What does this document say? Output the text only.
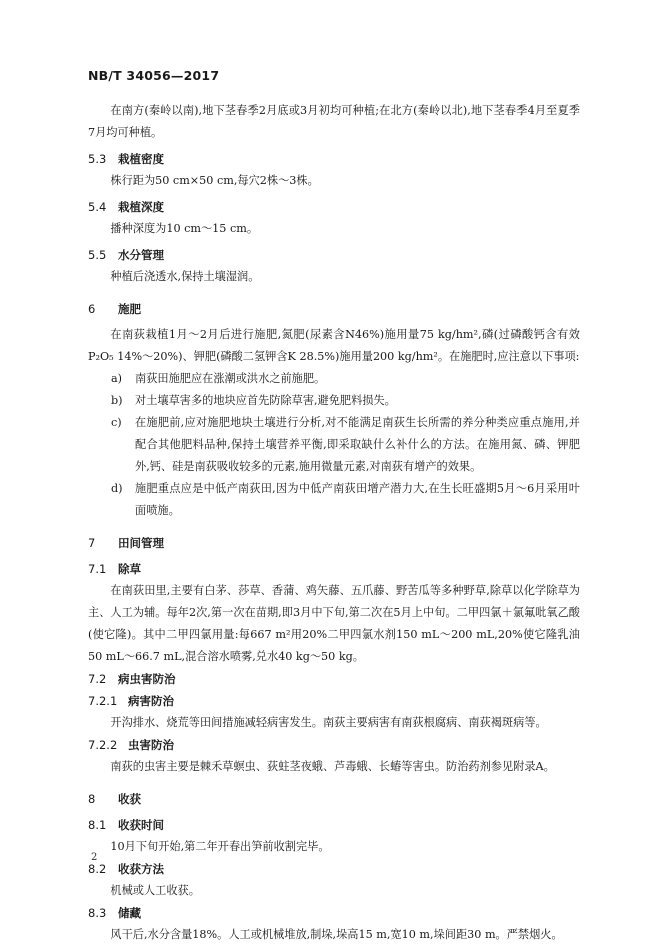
NB/T 34056—2017

在南方(秦岭以南),地下茎春季2月底或3月初均可种植;在北方(秦岭以北),地下茎春季4月至夏季7月均可种植。

5.3 栽植密度

株行距为50 cm×50 cm,每穴2株～3株。

5.4 栽植深度

播种深度为10 cm～15 cm。

5.5 水分管理

种植后浇透水,保持土壤湿润。

6 施肥

在南荻栽植1月～2月后进行施肥,氮肥(尿素含N46%)施用量75 kg/hm²,磷(过磷酸钙含有效P₂O₅ 14%～20%)、钾肥(磷酸二氢钾含K 28.5%)施用量200 kg/hm²。在施肥时,应注意以下事项:

a) 南荻田施肥应在涨潮或洪水之前施肥。
b) 对土壤草害多的地块应首先防除草害,避免肥料损失。
c) 在施肥前,应对施肥地块土壤进行分析,对不能满足南荻生长所需的养分种类应重点施用,并配合其他肥料品种,保持土壤营养平衡,即采取缺什么补什么的方法。在施用氮、磷、钾肥外,钙、硅是南荻吸收较多的元素,施用微量元素,对南荻有增产的效果。
d) 施肥重点应是中低产南荻田,因为中低产南荻田增产潜力大,在生长旺盛期5月～6月采用叶面喷施。
7 田间管理
7.1 除草

在南荻田里,主要有白茅、莎草、香蒲、鸡矢藤、五爪藤、野苦瓜等多种野草,除草以化学除草为主、人工为辅。每年2次,第一次在苗期,即3月中下旬,第二次在5月上中旬。二甲四氯＋氯氟吡氧乙酸(使它隆)。其中二甲四氯用量:每667 m²用20%二甲四氯水剂150 mL～200 mL,20%使它隆乳油50 mL～66.7 mL,混合溶水喷雾,兑水40 kg～50 kg。

7.2 病虫害防治
7.2.1 病害防治

开沟排水、烧荒等田间措施减轻病害发生。南荻主要病害有南荻根腐病、南荻褐斑病等。

7.2.2 虫害防治

南荻的虫害主要是棘禾草螟虫、荻蛀茎夜蛾、芦毒蛾、长蝽等害虫。防治药剂参见附录A。

8 收获
8.1 收获时间

10月下旬开始,第二年开春出笋前收割完毕。

8.2 收获方法

机械或人工收获。

8.3 储藏

风干后,水分含量18%。人工或机械堆放,制垛,垛高15 m,宽10 m,垛间距30 m。严禁烟火。

2
